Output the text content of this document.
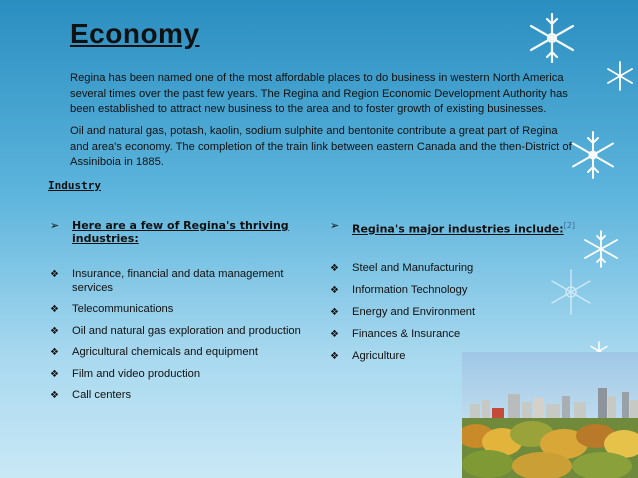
Economy

Regina has been named one of the most affordable places to do business in western North America several times over the past few years. The Regina and Region Economic Development Authority has been established to attract new business to the area and to foster growth of existing businesses.

Oil and natural gas, potash, kaolin, sodium sulphite and bentonite contribute a great part of Regina and area's economy. The completion of the train link between eastern Canada and the then-District of Assiniboia in 1885.

Industry
➢ Here are a few of Regina's thriving industries:
❖ Insurance, financial and data management services
❖ Telecommunications
❖ Oil and natural gas exploration and production
❖ Agricultural chemicals and equipment
❖ Film and video production
❖ Call centers
➢ Regina's major industries include:[2]
❖ Steel and Manufacturing
❖ Information Technology
❖ Energy and Environment
❖ Finances & Insurance
❖ Agriculture
